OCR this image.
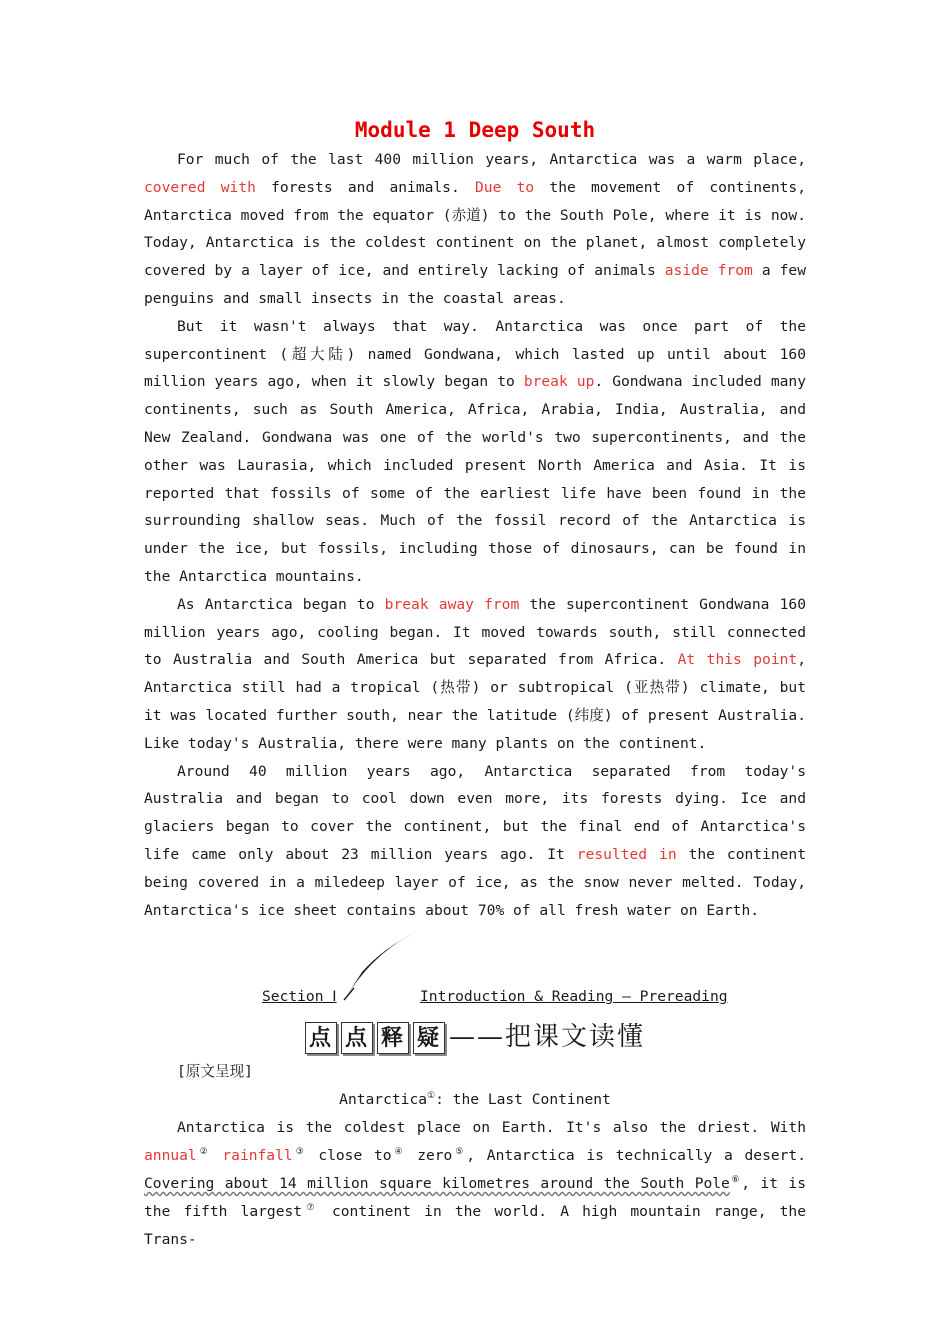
Module 1 Deep South

For much of the last 400 million years, Antarctica was a warm place, covered with forests and animals. Due to the movement of continents, Antarctica moved from the equator (赤道) to the South Pole, where it is now. Today, Antarctica is the coldest continent on the planet, almost completely covered by a layer of ice, and entirely lacking of animals aside from a few penguins and small insects in the coastal areas.

But it wasn't always that way. Antarctica was once part of the supercontinent (超大陆) named Gondwana, which lasted up until about 160 million years ago, when it slowly began to break up. Gondwana included many continents, such as South America, Africa, Arabia, India, Australia, and New Zealand. Gondwana was one of the world's two supercontinents, and the other was Laurasia, which included present North America and Asia. It is reported that fossils of some of the earliest life have been found in the surrounding shallow seas. Much of the fossil record of the Antarctica is under the ice, but fossils, including those of dinosaurs, can be found in the Antarctica mountains.

As Antarctica began to break away from the supercontinent Gondwana 160 million years ago, cooling began. It moved towards south, still connected to Australia and South America but separated from Africa. At this point, Antarctica still had a tropical (热带) or subtropical (亚热带) climate, but it was located further south, near the latitude (纬度) of present Australia. Like today's Australia, there were many plants on the continent.

Around 40 million years ago, Antarctica separated from today's Australia and began to cool down even more, its forests dying. Ice and glaciers began to cover the continent, but the final end of Antarctica's life came only about 23 million years ago. It resulted in the continent being covered in a miledeep layer of ice, as the snow never melted. Today, Antarctica's ice sheet contains about 70% of all fresh water on Earth.

Section Ⅰ	Introduction & Reading — Prereading
点 点 释 疑 ——把课文读懂

[原文呈现]

Antarctica①: the Last Continent

Antarctica is the coldest place on Earth. It's also the driest. With annual② rainfall③ close to④ zero⑤, Antarctica is technically a desert. Covering about 14 million square kilometres around the South Pole⑥, it is the fifth largest⑦ continent in the world. A high mountain range, the Trans-
